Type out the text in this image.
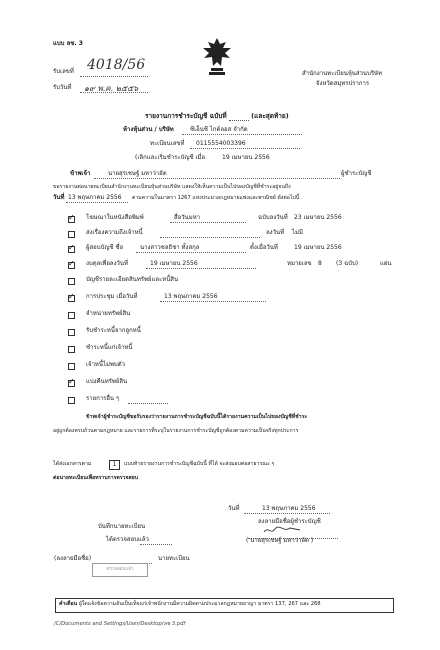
แบบ ลช. 3
รับเลขที่ 4018/56
รับวันที่ ๑๙ พ.ค. ๒๕๕๖
สำนักงานทะเบียนหุ้นส่วนบริษัท
จังหวัดสมุทรปราการ
รายงานการชำระบัญชี ฉบับที่	(และสุดท้าย)
ห้างหุ้นส่วน / บริษัท	ซีเอ็นซี ไกด์ลอส จำกัด
ทะเบียนเลขที่ 0115554003396
(เลิกและเริ่มชำระบัญชี เมื่อ	19 เมษายน 2556
ข้าพเจ้า	นายสุรเชษฐ์ มหาว่าอัต	ผู้ชำระบัญชี
ขอรายงานต่อนายทะเบียนสำนักงานทะเบียนหุ้นส่วนบริษัท แสดงให้เห็นความเป็นไปของบัญชีที่ชำระอยู่จนถึง
วันที่ 13 พฤษภาคม 2556 ตามความในมาตรา 1267 แห่งประมวลกฎหมายแพ่งและพาณิชย์ ดังต่อไปนี้
✓
โฆษณาในหนังสือพิมพ์	สื่อวันมหา	ฉบับลงวันที่ 23 เมษายน 2556
ส่งเรื่องความถึงเจ้าหนี้	ลงวันที่ ไม่มี
✓
ผู้สอบบัญชี ชื่อ	นางสาวชลธิชา ทั้งสกุล	ตั้งเมื่อวันที่	19 เมษายน 2556
✓
งบดุลเพื่อลงวันที่	19 เมษายน 2556	หมายเลข 8 (3 ฉบับ)	แผ่น
บัญชีรายละเอียดสินทรัพย์และหนี้สิน
✓
การประชุม เมื่อวันที่	13 พฤษภาคม 2556
จำหน่ายทรัพย์สิน
รับชำระหนี้จากลูกหนี้
ชำระหนี้แก่เจ้าหนี้
เจ้าหนี้ไม่พบตัว
✓
แบ่งคืนทรัพย์สิน
รายการอื่น ๆ
ข้าพเจ้าผู้ชำระบัญชีขอรับรองว่ารายงานการชำระบัญชีฉบับนี้ได้รายงานความเป็นไปของบัญชีที่ชำระ
อยู่ถูกต้องครบถ้วนตามกฎหมาย และรายการที่ระบุในรายงานการชำระบัญชีถูกต้องตามความเป็นจริงทุกประการ
ได้ส่งเอกสารตาม	1	แบบท้ายรายงานการชำระบัญชีฉบับนี้ ที่ได้ จะส่งมอบต่อสาธารณะ ๆ
ต่อนายทะเบียนเพื่อทราบการตรวจสอบ
วันที่	13 พฤษภาคม 2556
ลงลายมือชื่อผู้ชำระบัญชี
( นายสุรเชษฐ์ มหาว่าอัต )
บันทึกนายทะเบียน
ได้ตรวจสอบแล้ว
(ลงลายมือชื่อ)	นายทะเบียน
ตรวจสอบแล้ว
คำเตือน ผู้ใดแจ้งข้อความอันเป็นเท็จแก่เจ้าพนักงานมีความผิดตามประมวลกฎหมายอาญา มาตรา 137, 267 และ 268
/C/Documents and Settings/User/Desktop/ลช 3.pdf
